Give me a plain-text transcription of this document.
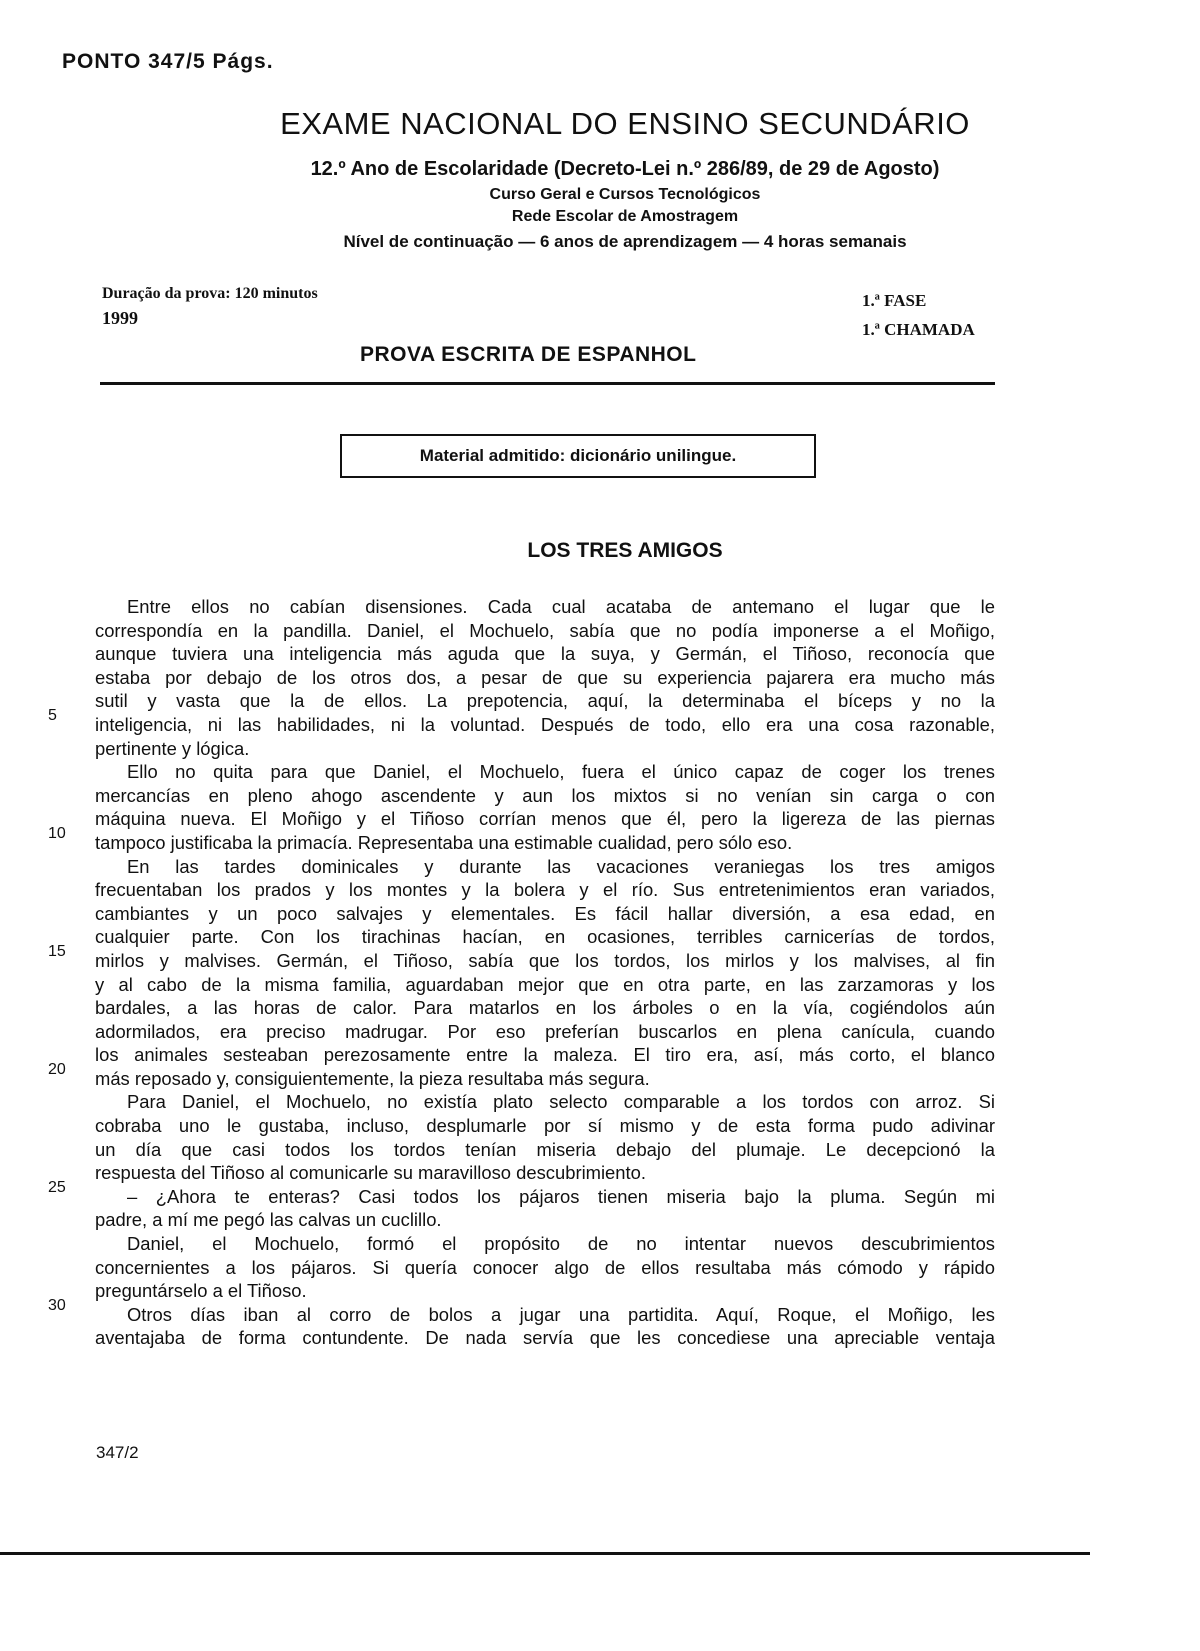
PONTO 347/5 Págs.
EXAME NACIONAL DO ENSINO SECUNDÁRIO
12.º Ano de Escolaridade (Decreto-Lei n.º 286/89, de 29 de Agosto)
Curso Geral e Cursos Tecnológicos
Rede Escolar de Amostragem
Nível de continuação — 6 anos de aprendizagem — 4 horas semanais
Duração da prova: 120 minutos
1999
1.ª FASE
1.ª CHAMADA
PROVA ESCRITA DE ESPANHOL
Material admitido: dicionário unilingue.
LOS TRES AMIGOS
Entre ellos no cabían disensiones. Cada cual acataba de antemano el lugar que le
correspondía en la pandilla. Daniel, el Mochuelo, sabía que no podía imponerse a el Moñigo,
aunque tuviera una inteligencia más aguda que la suya, y Germán, el Tiñoso, reconocía que
estaba por debajo de los otros dos, a pesar de que su experiencia pajarera era mucho más
sutil y vasta que la de ellos. La prepotencia, aquí, la determinaba el bíceps y no la
inteligencia, ni las habilidades, ni la voluntad. Después de todo, ello era una cosa razonable,
pertinente y lógica.
Ello no quita para que Daniel, el Mochuelo, fuera el único capaz de coger los trenes
mercancías en pleno ahogo ascendente y aun los mixtos si no venían sin carga o con
máquina nueva. El Moñigo y el Tiñoso corrían menos que él, pero la ligereza de las piernas
tampoco justificaba la primacía. Representaba una estimable cualidad, pero sólo eso.
En las tardes dominicales y durante las vacaciones veraniegas los tres amigos
frecuentaban los prados y los montes y la bolera y el río. Sus entretenimientos eran variados,
cambiantes y un poco salvajes y elementales. Es fácil hallar diversión, a esa edad, en
cualquier parte. Con los tirachinas hacían, en ocasiones, terribles carnicerías de tordos,
mirlos y malvises. Germán, el Tiñoso, sabía que los tordos, los mirlos y los malvises, al fin
y al cabo de la misma familia, aguardaban mejor que en otra parte, en las zarzamoras y los
bardales, a las horas de calor. Para matarlos en los árboles o en la vía, cogiéndolos aún
adormilados, era preciso madrugar. Por eso preferían buscarlos en plena canícula, cuando
los animales sesteaban perezosamente entre la maleza. El tiro era, así, más corto, el blanco
más reposado y, consiguientemente, la pieza resultaba más segura.
Para Daniel, el Mochuelo, no existía plato selecto comparable a los tordos con arroz. Si
cobraba uno le gustaba, incluso, desplumarle por sí mismo y de esta forma pudo adivinar
un día que casi todos los tordos tenían miseria debajo del plumaje. Le decepcionó la
respuesta del Tiñoso al comunicarle su maravilloso descubrimiento.
– ¿Ahora te enteras? Casi todos los pájaros tienen miseria bajo la pluma. Según mi
padre, a mí me pegó las calvas un cuclillo.
Daniel, el Mochuelo, formó el propósito de no intentar nuevos descubrimientos
concernientes a los pájaros. Si quería conocer algo de ellos resultaba más cómodo y rápido
preguntárselo a el Tiñoso.
Otros días iban al corro de bolos a jugar una partidita. Aquí, Roque, el Moñigo, les
aventajaba de forma contundente. De nada servía que les concediese una apreciable ventaja
5
10
15
20
25
30
347/2
